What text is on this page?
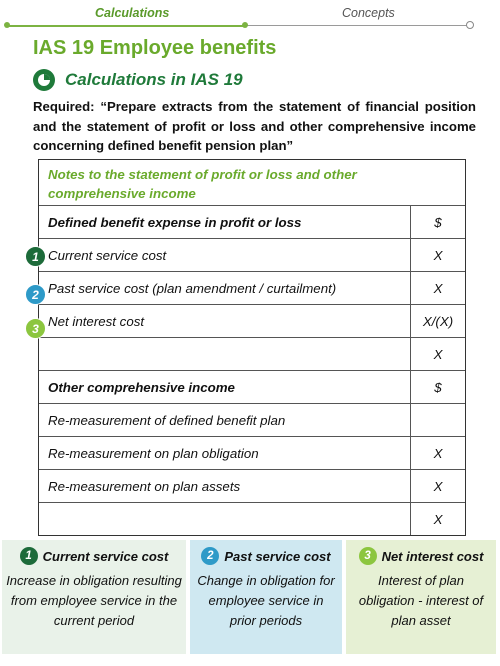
Calculations	Concepts
IAS 19 Employee benefits
Calculations in IAS 19
Required: “Prepare extracts from the statement of financial position and the statement of profit or loss and other comprehensive income concerning defined benefit pension plan”
Notes to the statement of profit or loss and other comprehensive income
Defined benefit expense in profit or loss	$
Current service cost	X
Past service cost (plan amendment / curtailment)	X
Net interest cost	X/(X)
X
Other comprehensive income	$
Re-measurement of defined benefit plan
Re-measurement on plan obligation	X
Re-measurement on plan assets	X
X
1
2
3
1 Current service cost
Increase in obligation resulting from employee service in the current period
2 Past service cost
Change in obligation for employee service in prior periods
3 Net interest cost
Interest of plan obligation - interest of plan asset
